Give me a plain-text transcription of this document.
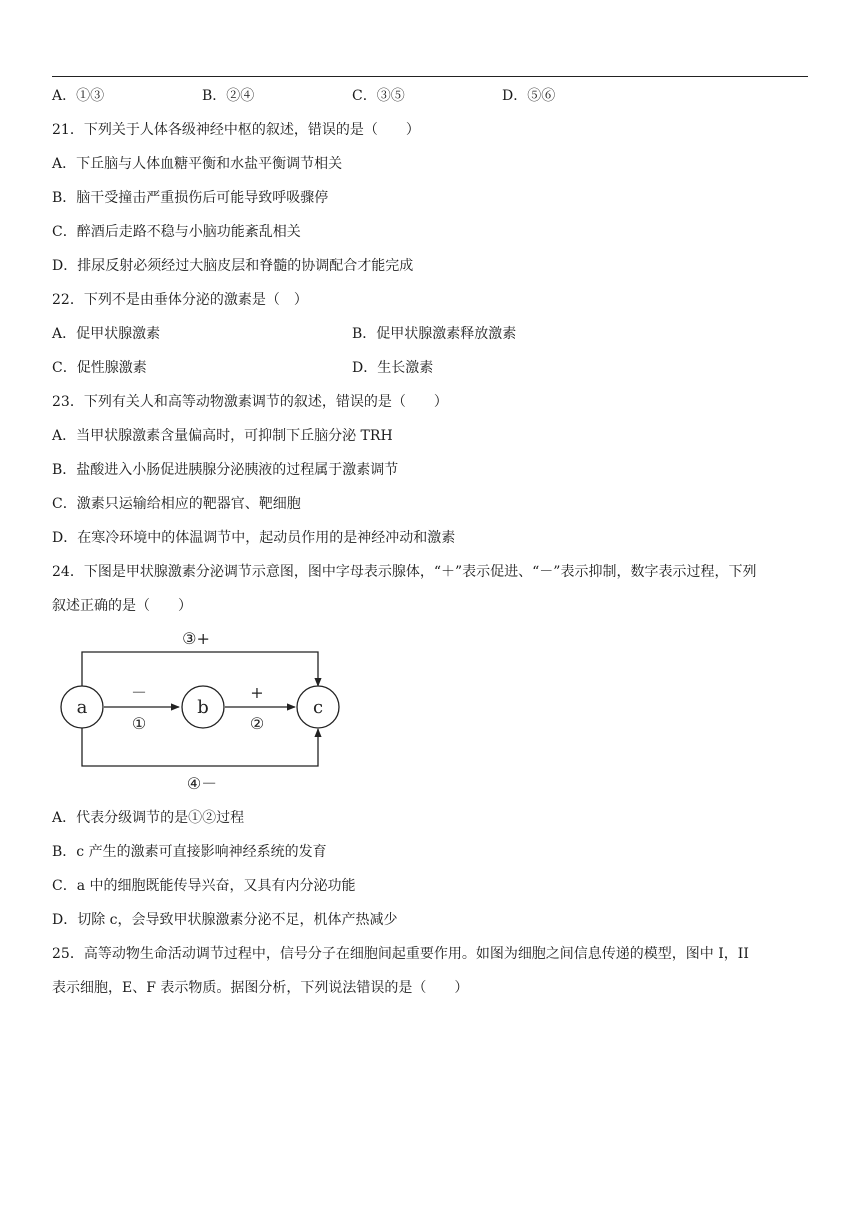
A．①③	B．②④	C．③⑤	D．⑤⑥
21．下列关于人体各级神经中枢的叙述，错误的是（　　）
A．下丘脑与人体血糖平衡和水盐平衡调节相关
B．脑干受撞击严重损伤后可能导致呼吸骤停
C．醉酒后走路不稳与小脑功能紊乱相关
D．排尿反射必须经过大脑皮层和脊髓的协调配合才能完成
22．下列不是由垂体分泌的激素是（　）
A．促甲状腺激素	B．促甲状腺激素释放激素
C．促性腺激素	D．生长激素
23．下列有关人和高等动物激素调节的叙述，错误的是（　　）
A．当甲状腺激素含量偏高时，可抑制下丘脑分泌 TRH
B．盐酸进入小肠促进胰腺分泌胰液的过程属于激素调节
C．激素只运输给相应的靶器官、靶细胞
D．在寒冷环境中的体温调节中，起动员作用的是神经冲动和激素
24．下图是甲状腺激素分泌调节示意图，图中字母表示腺体，“＋”表示促进、“－”表示抑制，数字表示过程，下列
叙述正确的是（　　）
a	b	c
－
①
+
②
③+
④－
A．代表分级调节的是①②过程
B．c 产生的激素可直接影响神经系统的发育
C．a 中的细胞既能传导兴奋，又具有内分泌功能
D．切除 c，会导致甲状腺激素分泌不足，机体产热减少
25．高等动物生命活动调节过程中，信号分子在细胞间起重要作用。如图为细胞之间信息传递的模型，图中 I，II
表示细胞，E、F 表示物质。据图分析，下列说法错误的是（　　）
